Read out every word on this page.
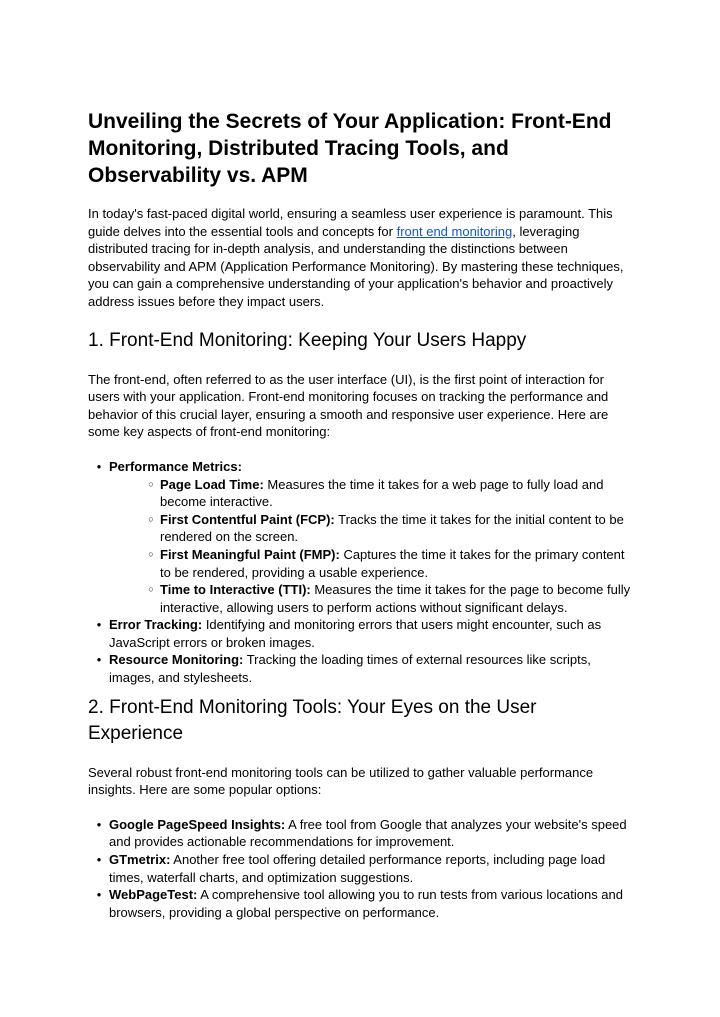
Unveiling the Secrets of Your Application: Front-End Monitoring, Distributed Tracing Tools, and Observability vs. APM

In today's fast-paced digital world, ensuring a seamless user experience is paramount. This guide delves into the essential tools and concepts for front end monitoring, leveraging distributed tracing for in-depth analysis, and understanding the distinctions between observability and APM (Application Performance Monitoring). By mastering these techniques, you can gain a comprehensive understanding of your application's behavior and proactively address issues before they impact users.

1. Front-End Monitoring: Keeping Your Users Happy

The front-end, often referred to as the user interface (UI), is the first point of interaction for users with your application. Front-end monitoring focuses on tracking the performance and behavior of this crucial layer, ensuring a smooth and responsive user experience. Here are some key aspects of front-end monitoring:

● Performance Metrics:
○ Page Load Time: Measures the time it takes for a web page to fully load and become interactive.
○ First Contentful Paint (FCP): Tracks the time it takes for the initial content to be rendered on the screen.
○ First Meaningful Paint (FMP): Captures the time it takes for the primary content to be rendered, providing a usable experience.
○ Time to Interactive (TTI): Measures the time it takes for the page to become fully interactive, allowing users to perform actions without significant delays.
● Error Tracking: Identifying and monitoring errors that users might encounter, such as JavaScript errors or broken images.
● Resource Monitoring: Tracking the loading times of external resources like scripts, images, and stylesheets.
2. Front-End Monitoring Tools: Your Eyes on the User Experience

Several robust front-end monitoring tools can be utilized to gather valuable performance insights. Here are some popular options:

● Google PageSpeed Insights: A free tool from Google that analyzes your website's speed and provides actionable recommendations for improvement.
● GTmetrix: Another free tool offering detailed performance reports, including page load times, waterfall charts, and optimization suggestions.
● WebPageTest: A comprehensive tool allowing you to run tests from various locations and browsers, providing a global perspective on performance.
